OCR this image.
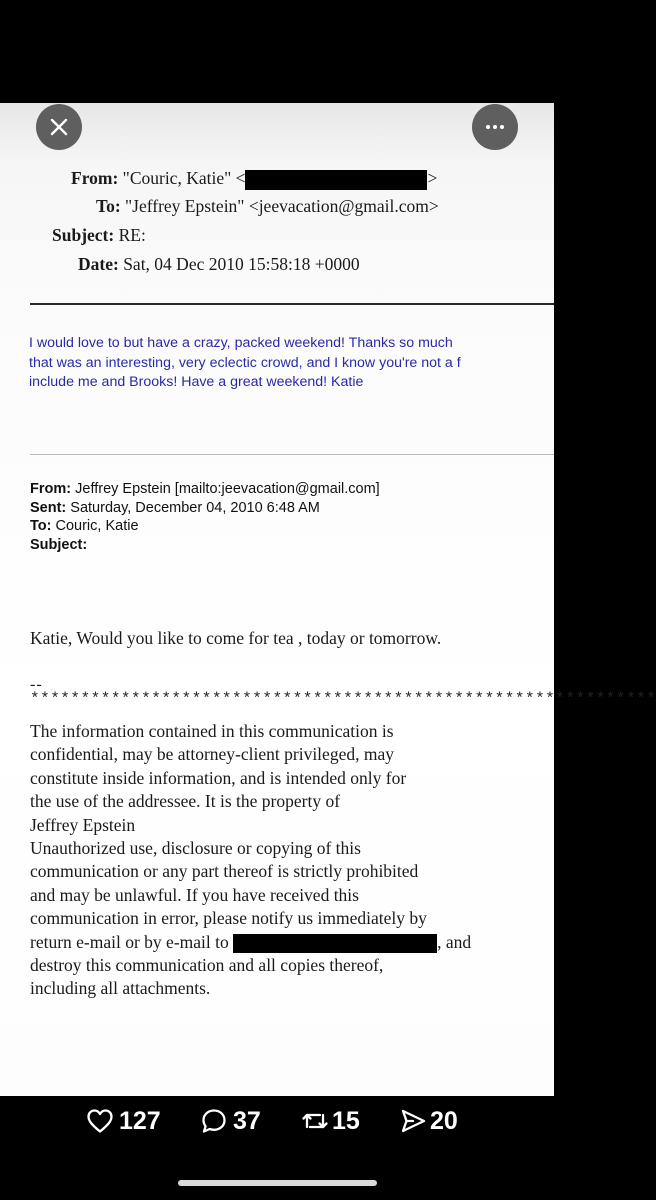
From: "Couric, Katie" <	>
To: "Jeffrey Epstein" <jeevacation@gmail.com>
Subject: RE:
Date: Sat, 04 Dec 2010 15:58:18 +0000
I would love to but have a crazy, packed weekend! Thanks so much
that was an interesting, very eclectic crowd, and I know you're not a f
include me and Brooks! Have a great weekend! Katie
From: Jeffrey Epstein [mailto:jeevacation@gmail.com]
Sent: Saturday, December 04, 2010 6:48 AM
To: Couric, Katie
Subject:
Katie, Would you like to come for tea , today or tomorrow.
--
**************************************************************
The information contained in this communication is
confidential, may be attorney-client privileged, may
constitute inside information, and is intended only for
the use of the addressee. It is the property of
Jeffrey Epstein
Unauthorized use, disclosure or copying of this
communication or any part thereof is strictly prohibited
and may be unlawful. If you have received this
communication in error, please notify us immediately by
return e-mail or by e-mail to	, and
destroy this communication and all copies thereof,
including all attachments.
127	37	15	20
